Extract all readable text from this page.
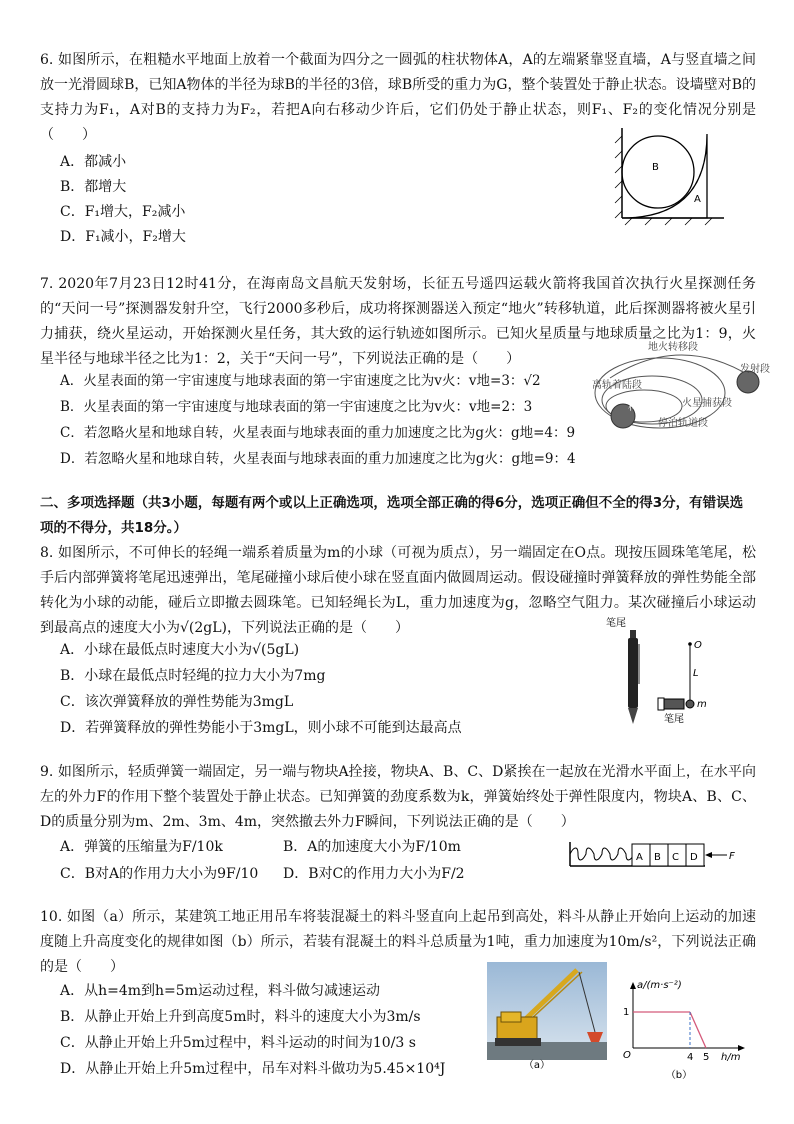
6. 如图所示，在粗糙水平地面上放着一个截面为四分之一圆弧的柱状物体A，A的左端紧靠竖直墙，A与竖直墙之间放一光滑圆球B，已知A物体的半径为球B的半径的3倍，球B所受的重力为G，整个装置处于静止状态。设墙壁对B的支持力为F₁，A对B的支持力为F₂，若把A向右移动少许后，它们仍处于静止状态，则F₁、F₂的变化情况分别是（　　）

A．都减小
B．都增大
C．F₁增大，F₂减小
D．F₁减小，F₂增大
B
A

7. 2020年7月23日12时41分，在海南岛文昌航天发射场，长征五号遥四运载火箭将我国首次执行火星探测任务的“天问一号”探测器发射升空，飞行2000多秒后，成功将探测器送入预定“地火”转移轨道，此后探测器将被火星引力捕获，绕火星运动，开始探测火星任务，其大致的运行轨迹如图所示。已知火星质量与地球质量之比为1：9，火星半径与地球半径之比为1：2，关于“天问一号”，下列说法正确的是（　　）

A．火星表面的第一宇宙速度与地球表面的第一宇宙速度之比为v火：v地=3：√2
B．火星表面的第一宇宙速度与地球表面的第一宇宙速度之比为v火：v地=2：3
C．若忽略火星和地球自转，火星表面与地球表面的重力加速度之比为g火：g地=4：9
D．若忽略火星和地球自转，火星表面与地球表面的重力加速度之比为g火：g地=9：4
地火转移段
发射段
离轨着陆段
火星捕获段
科学探测段
停泊轨道段
二、多项选择题（共3小题，每题有两个或以上正确选项，选项全部正确的得6分，选项正确但不全的得3分，有错误选项的不得分，共18分。）

8. 如图所示，不可伸长的轻绳一端系着质量为m的小球（可视为质点），另一端固定在O点。现按压圆珠笔笔尾，松手后内部弹簧将笔尾迅速弹出，笔尾碰撞小球后使小球在竖直面内做圆周运动。假设碰撞时弹簧释放的弹性势能全部转化为小球的动能，碰后立即撤去圆珠笔。已知轻绳长为L，重力加速度为g，忽略空气阻力。某次碰撞后小球运动到最高点的速度大小为√(2gL)，下列说法正确的是（　　）

A．小球在最低点时速度大小为√(5gL)
B．小球在最低点时轻绳的拉力大小为7mg
C．该次弹簧释放的弹性势能为3mgL
D．若弹簧释放的弹性势能小于3mgL，则小球不可能到达最高点
笔尾
O
L
m
笔尾

9. 如图所示，轻质弹簧一端固定，另一端与物块A拴接，物块A、B、C、D紧挨在一起放在光滑水平面上，在水平向左的外力F的作用下整个装置处于静止状态。已知弹簧的劲度系数为k，弹簧始终处于弹性限度内，物块A、B、C、D的质量分别为m、2m、3m、4m，突然撤去外力F瞬间，下列说法正确的是（　　）

A．弹簧的压缩量为F/10k	B．A的加速度大小为F/10m
C．B对A的作用力大小为9F/10 D．B对C的作用力大小为F/2
A B C D	F

10. 如图（a）所示，某建筑工地正用吊车将装混凝土的料斗竖直向上起吊到高处，料斗从静止开始向上运动的加速度随上升高度变化的规律如图（b）所示，若装有混凝土的料斗总质量为1吨，重力加速度为10m/s²，下列说法正确的是（　　）

A．从h=4m到h=5m运动过程，料斗做匀减速运动
B．从静止开始上升到高度5m时，料斗的速度大小为3m/s
C．从静止开始上升5m过程中，料斗运动的时间为10/3 s
D．从静止开始上升5m过程中，吊车对料斗做功为5.45×10⁴J	（a）
a/(m·s⁻²)
1
O	4 5 h/m
（b）
